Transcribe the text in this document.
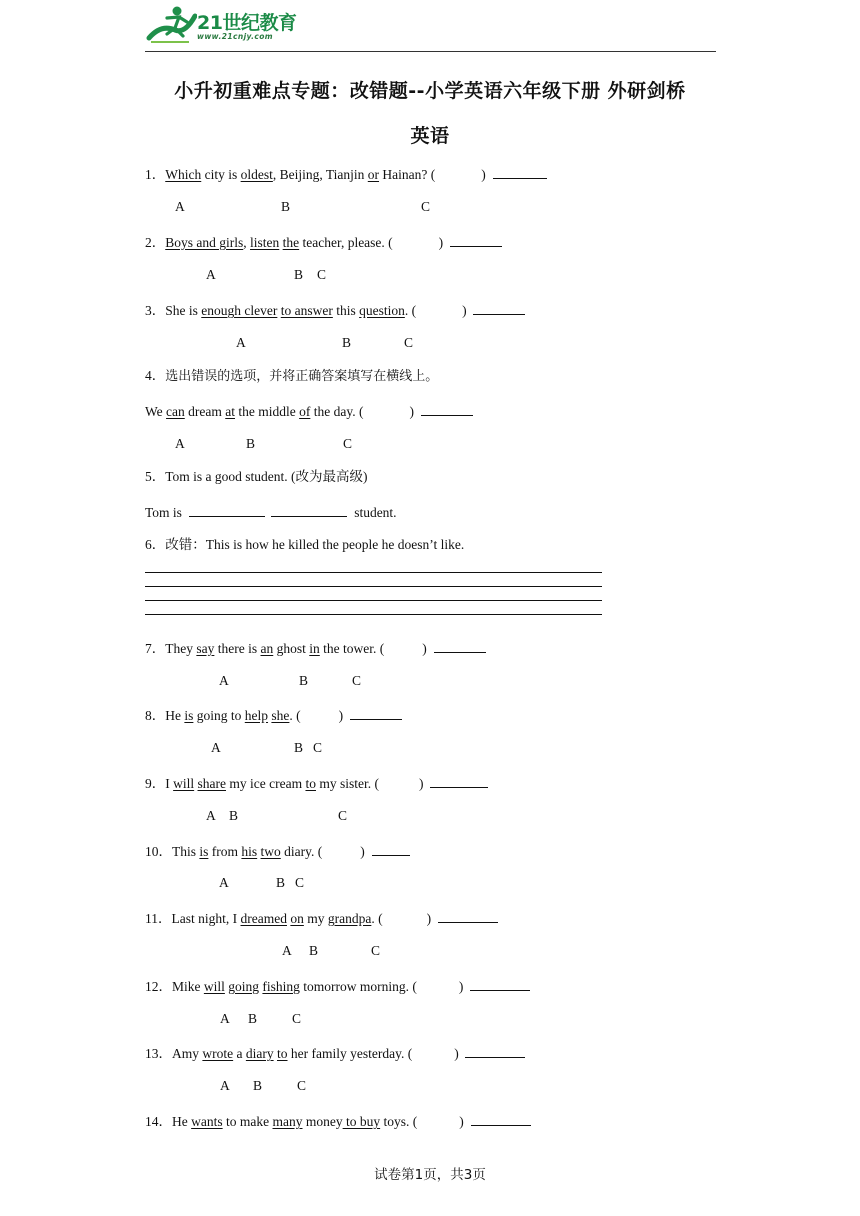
21世纪教育
www.21cnjy.com
小升初重难点专题：改错题--小学英语六年级下册 外研剑桥
英语
1．Which city is oldest, Beijing, Tianjin or Hainan? (	)
A	B	C
2．Boys and girls, listen the teacher, please. (	)
A	B C
3．She is enough clever to answer this question. (	)
A	B	C
4．选出错误的选项，并将正确答案填写在横线上。
We can dream at the middle of the day. (	)
A	B	C
5．Tom is a good student. (改为最高级)
Tom is	student.
6．改错：This is how he killed the people he doesn’t like.
7．They say there is an ghost in the tower. (	)
A	B	C
8．He is going to help she. (	)
A	B C
9．I will share my ice cream to my sister. (	)
A B	C
10．This is from his two diary. (	)
A	B C
11．Last night, I dreamed on my grandpa. (	)
A B	C
12．Mike will going fishing tomorrow morning. (	)
A B	C
13．Amy wrote a diary to her family yesterday. (	)
A B	C
14．He wants to make many money to buy toys. (	)
试卷第1页，共3页
